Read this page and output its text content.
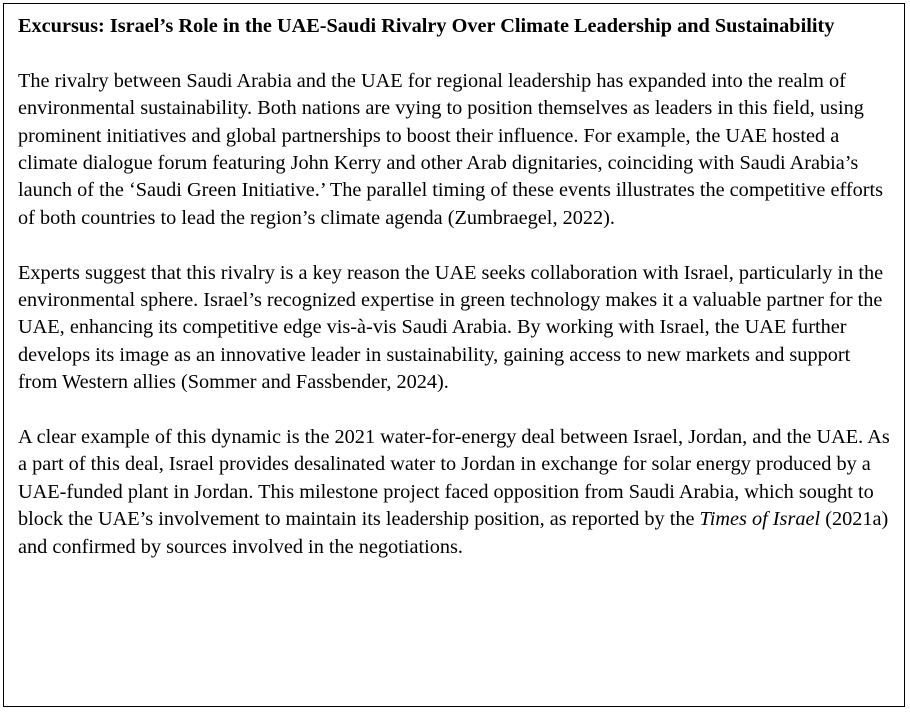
Excursus: Israel’s Role in the UAE-Saudi Rivalry Over Climate Leadership and Sustainability
The rivalry between Saudi Arabia and the UAE for regional leadership has expanded into the realm of environmental sustainability. Both nations are vying to position themselves as leaders in this field, using prominent initiatives and global partnerships to boost their influence. For example, the UAE hosted a climate dialogue forum featuring John Kerry and other Arab dignitaries, coinciding with Saudi Arabia’s launch of the ‘Saudi Green Initiative.’ The parallel timing of these events illustrates the competitive efforts of both countries to lead the region’s climate agenda (Zumbraegel, 2022).
Experts suggest that this rivalry is a key reason the UAE seeks collaboration with Israel, particularly in the environmental sphere. Israel’s recognized expertise in green technology makes it a valuable partner for the UAE, enhancing its competitive edge vis-à-vis Saudi Arabia. By working with Israel, the UAE further develops its image as an innovative leader in sustainability, gaining access to new markets and support from Western allies (Sommer and Fassbender, 2024).
A clear example of this dynamic is the 2021 water-for-energy deal between Israel, Jordan, and the UAE. As a part of this deal, Israel provides desalinated water to Jordan in exchange for solar energy produced by a UAE-funded plant in Jordan. This milestone project faced opposition from Saudi Arabia, which sought to block the UAE’s involvement to maintain its leadership position, as reported by the Times of Israel (2021a) and confirmed by sources involved in the negotiations.
